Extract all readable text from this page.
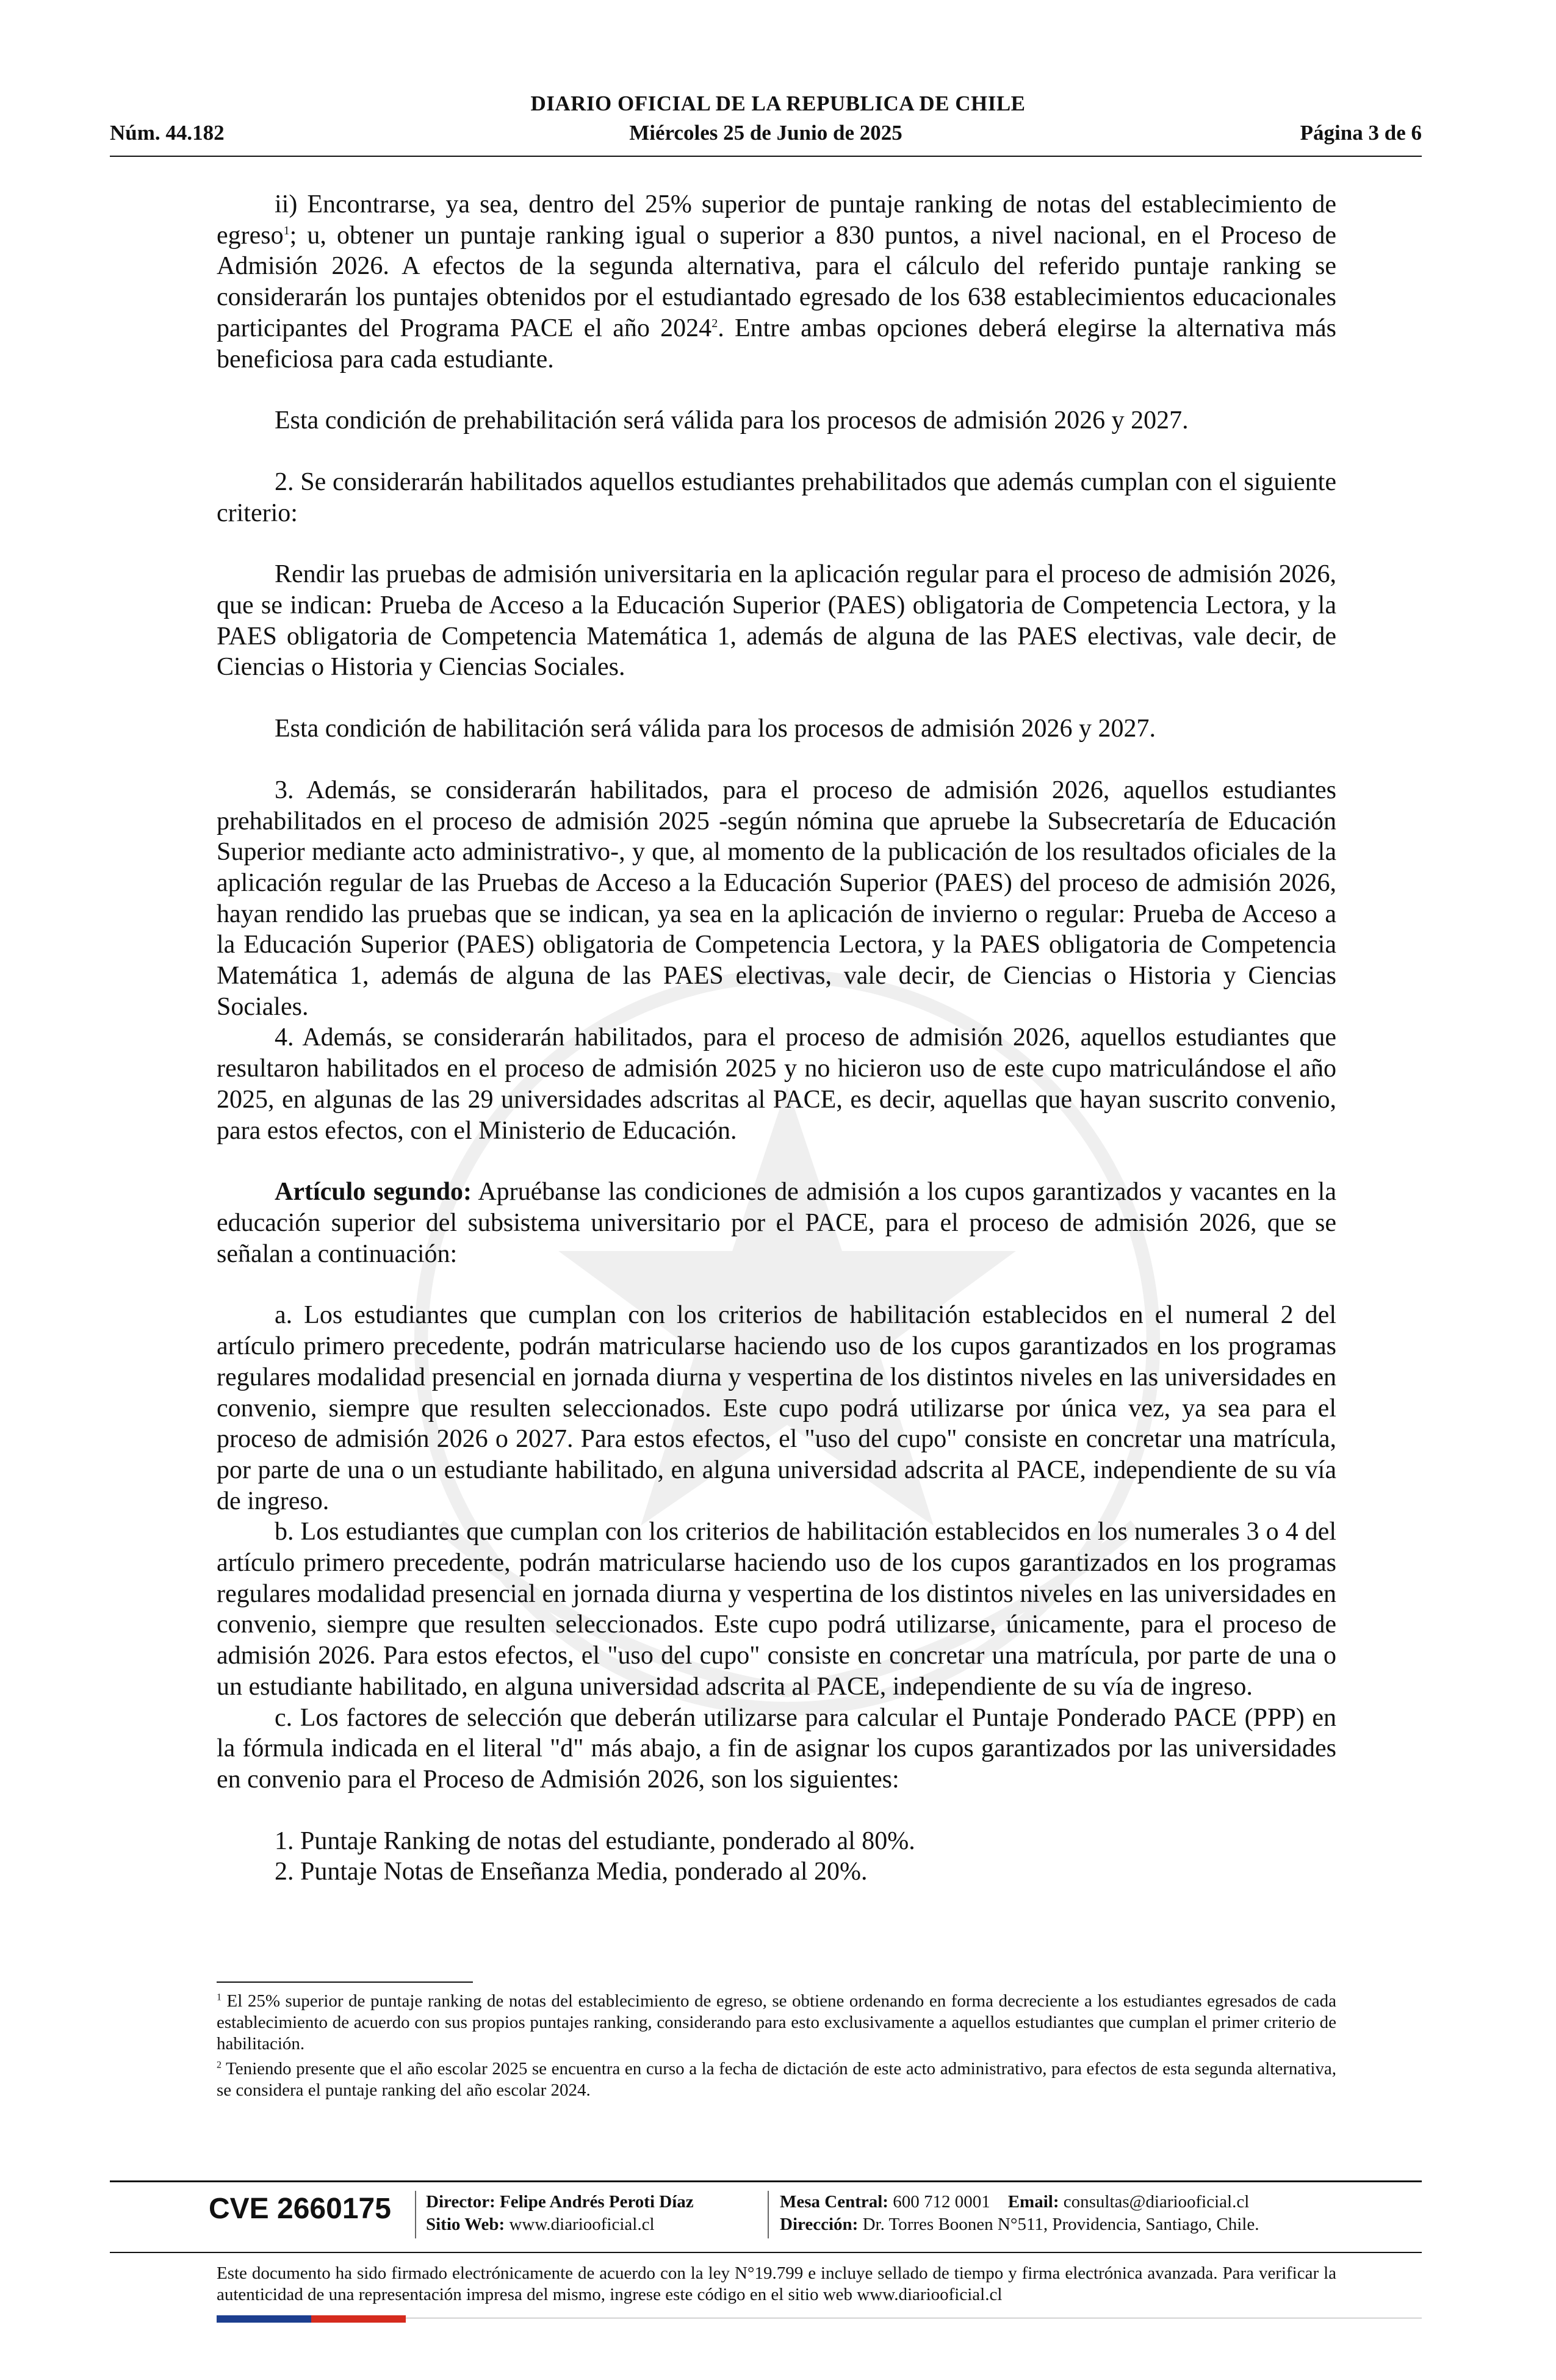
DIARIO OFICIAL DE LA REPUBLICA DE CHILE
Núm. 44.182	Miércoles 25 de Junio de 2025	Página 3 de 6

ii) Encontrarse, ya sea, dentro del 25% superior de puntaje ranking de notas del establecimiento de egreso$^1$; u, obtener un puntaje ranking igual o superior a 830 puntos, a nivel nacional, en el Proceso de Admisión 2026. A efectos de la segunda alternativa, para el cálculo del referido puntaje ranking se considerarán los puntajes obtenidos por el estudiantado egresado de los 638 establecimientos educacionales participantes del Programa PACE el año 2024$^2$. Entre ambas opciones deberá elegirse la alternativa más beneficiosa para cada estudiante.

Esta condición de prehabilitación será válida para los procesos de admisión 2026 y 2027.

2. Se considerarán habilitados aquellos estudiantes prehabilitados que además cumplan con el siguiente criterio:

Rendir las pruebas de admisión universitaria en la aplicación regular para el proceso de admisión 2026, que se indican: Prueba de Acceso a la Educación Superior (PAES) obligatoria de Competencia Lectora, y la PAES obligatoria de Competencia Matemática 1, además de alguna de las PAES electivas, vale decir, de Ciencias o Historia y Ciencias Sociales.

Esta condición de habilitación será válida para los procesos de admisión 2026 y 2027.

3. Además, se considerarán habilitados, para el proceso de admisión 2026, aquellos estudiantes prehabilitados en el proceso de admisión 2025 -según nómina que apruebe la Subsecretaría de Educación Superior mediante acto administrativo-, y que, al momento de la publicación de los resultados oficiales de la aplicación regular de las Pruebas de Acceso a la Educación Superior (PAES) del proceso de admisión 2026, hayan rendido las pruebas que se indican, ya sea en la aplicación de invierno o regular: Prueba de Acceso a la Educación Superior (PAES) obligatoria de Competencia Lectora, y la PAES obligatoria de Competencia Matemática 1, además de alguna de las PAES electivas, vale decir, de Ciencias o Historia y Ciencias Sociales.

4. Además, se considerarán habilitados, para el proceso de admisión 2026, aquellos estudiantes que resultaron habilitados en el proceso de admisión 2025 y no hicieron uso de este cupo matriculándose el año 2025, en algunas de las 29 universidades adscritas al PACE, es decir, aquellas que hayan suscrito convenio, para estos efectos, con el Ministerio de Educación.

Artículo segundo: Apruébanse las condiciones de admisión a los cupos garantizados y vacantes en la educación superior del subsistema universitario por el PACE, para el proceso de admisión 2026, que se señalan a continuación:

a. Los estudiantes que cumplan con los criterios de habilitación establecidos en el numeral 2 del artículo primero precedente, podrán matricularse haciendo uso de los cupos garantizados en los programas regulares modalidad presencial en jornada diurna y vespertina de los distintos niveles en las universidades en convenio, siempre que resulten seleccionados. Este cupo podrá utilizarse por única vez, ya sea para el proceso de admisión 2026 o 2027. Para estos efectos, el "uso del cupo" consiste en concretar una matrícula, por parte de una o un estudiante habilitado, en alguna universidad adscrita al PACE, independiente de su vía de ingreso.

b. Los estudiantes que cumplan con los criterios de habilitación establecidos en los numerales 3 o 4 del artículo primero precedente, podrán matricularse haciendo uso de los cupos garantizados en los programas regulares modalidad presencial en jornada diurna y vespertina de los distintos niveles en las universidades en convenio, siempre que resulten seleccionados. Este cupo podrá utilizarse, únicamente, para el proceso de admisión 2026. Para estos efectos, el "uso del cupo" consiste en concretar una matrícula, por parte de una o un estudiante habilitado, en alguna universidad adscrita al PACE, independiente de su vía de ingreso.

c. Los factores de selección que deberán utilizarse para calcular el Puntaje Ponderado PACE (PPP) en la fórmula indicada en el literal "d" más abajo, a fin de asignar los cupos garantizados por las universidades en convenio para el Proceso de Admisión 2026, son los siguientes:

1. Puntaje Ranking de notas del estudiante, ponderado al 80%.

2. Puntaje Notas de Enseñanza Media, ponderado al 20%.

$^1$ El 25% superior de puntaje ranking de notas del establecimiento de egreso, se obtiene ordenando en forma decreciente a los estudiantes egresados de cada establecimiento de acuerdo con sus propios puntajes ranking, considerando para esto exclusivamente a aquellos estudiantes que cumplan el primer criterio de habilitación.

$^2$ Teniendo presente que el año escolar 2025 se encuentra en curso a la fecha de dictación de este acto administrativo, para efectos de esta segunda alternativa, se considera el puntaje ranking del año escolar 2024.

CVE 2660175 Director: Felipe Andrés Peroti Díaz
Sitio Web: www.diariooficial.cl
Mesa Central: 600 712 0001 Email: consultas@diariooficial.cl
Dirección: Dr. Torres Boonen N°511, Providencia, Santiago, Chile.
Este documento ha sido firmado electrónicamente de acuerdo con la ley N°19.799 e incluye sellado de tiempo y firma electrónica avanzada. Para verificar la autenticidad de una representación impresa del mismo, ingrese este código en el sitio web www.diariooficial.cl
